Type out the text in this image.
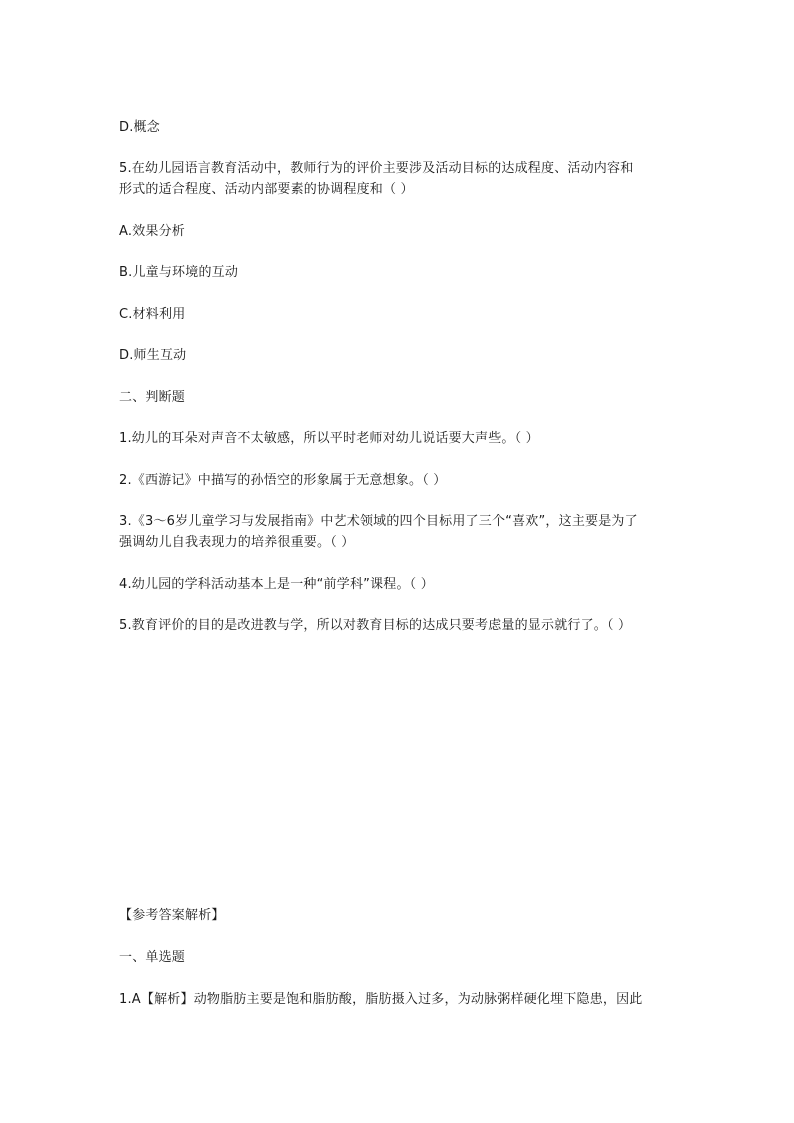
D.概念
5.在幼儿园语言教育活动中，教师行为的评价主要涉及活动目标的达成程度、活动内容和
形式的适合程度、活动内部要素的协调程度和（ ）
A.效果分析
B.儿童与环境的互动
C.材料利用
D.师生互动
二、判断题
1.幼儿的耳朵对声音不太敏感，所以平时老师对幼儿说话要大声些。（ ）
2.《西游记》中描写的孙悟空的形象属于无意想象。（ ）
3.《3～6岁儿童学习与发展指南》中艺术领域的四个目标用了三个“喜欢”，这主要是为了
强调幼儿自我表现力的培养很重要。（ ）
4.幼儿园的学科活动基本上是一种“前学科”课程。（ ）
5.教育评价的目的是改进教与学，所以对教育目标的达成只要考虑量的显示就行了。（ ）
【参考答案解析】
一、单选题
1.A【解析】动物脂肪主要是饱和脂肪酸，脂肪摄入过多，为动脉粥样硬化埋下隐患，因此
